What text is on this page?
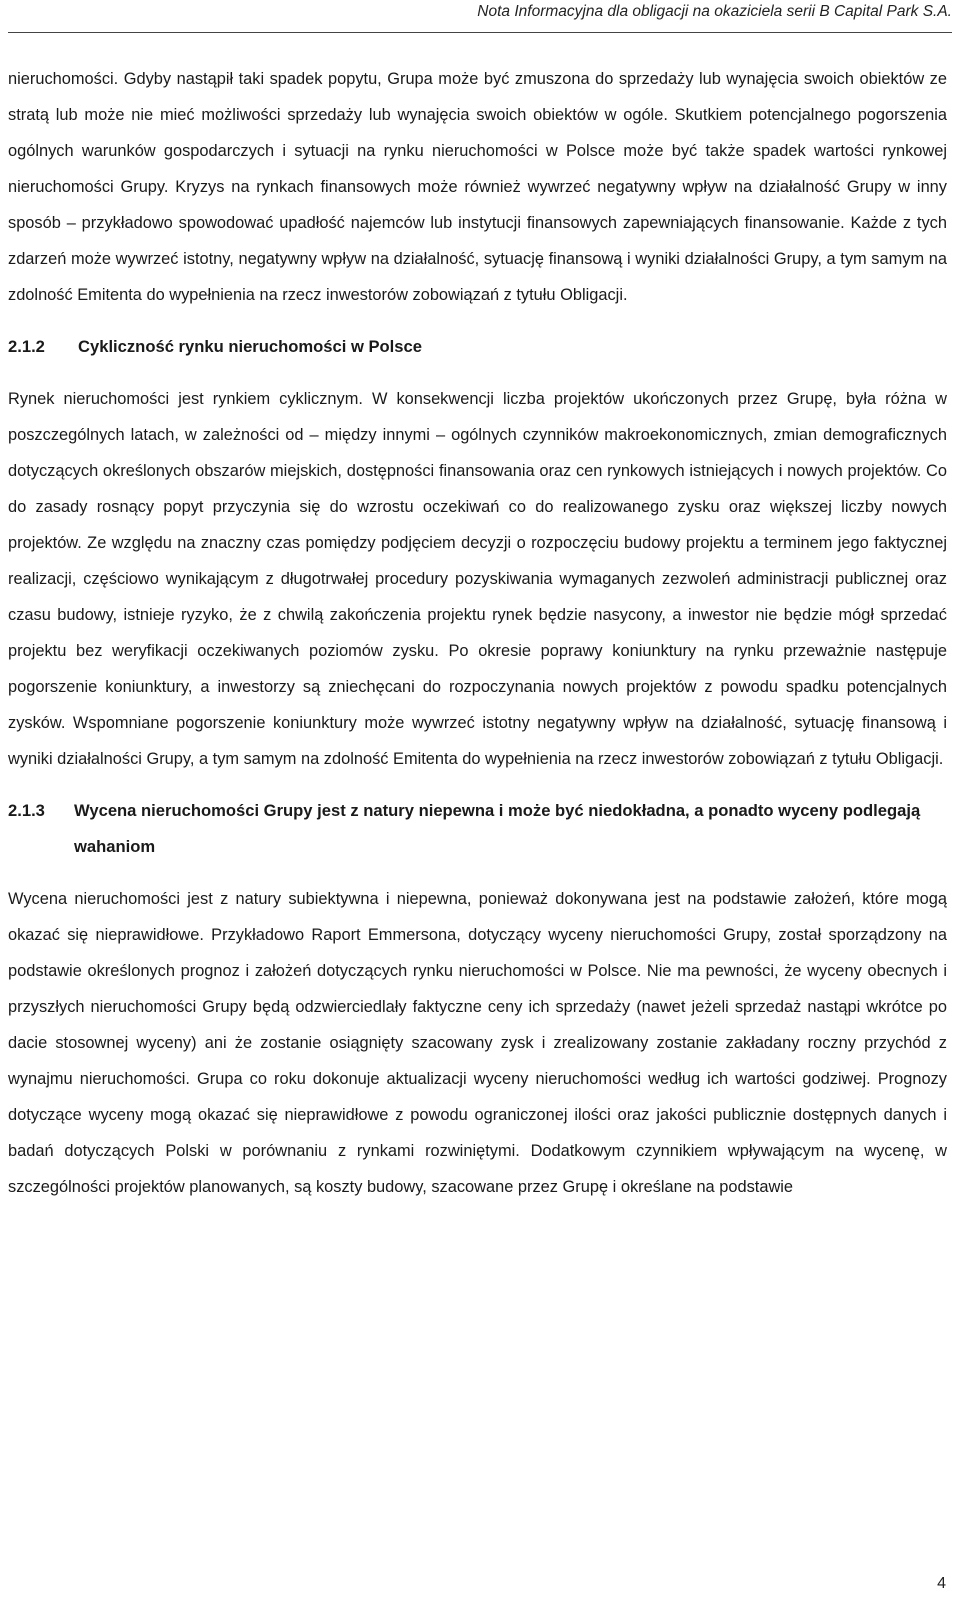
Nota Informacyjna dla obligacji na okaziciela serii B Capital Park S.A.

nieruchomości. Gdyby nastąpił taki spadek popytu, Grupa może być zmuszona do sprzedaży lub wynajęcia swoich obiektów ze stratą lub może nie mieć możliwości sprzedaży lub wynajęcia swoich obiektów w ogóle. Skutkiem potencjalnego pogorszenia ogólnych warunków gospodarczych i sytuacji na rynku nieruchomości w Polsce może być także spadek wartości rynkowej nieruchomości Grupy. Kryzys na rynkach finansowych może również wywrzeć negatywny wpływ na działalność Grupy w inny sposób – przykładowo spowodować upadłość najemców lub instytucji finansowych zapewniających finansowanie. Każde z tych zdarzeń może wywrzeć istotny, negatywny wpływ na działalność, sytuację finansową i wyniki działalności Grupy, a tym samym na zdolność Emitenta do wypełnienia na rzecz inwestorów zobowiązań z tytułu Obligacji.

2.1.2	Cykliczność rynku nieruchomości w Polsce

Rynek nieruchomości jest rynkiem cyklicznym. W konsekwencji liczba projektów ukończonych przez Grupę, była różna w poszczególnych latach, w zależności od – między innymi – ogólnych czynników makroekonomicznych, zmian demograficznych dotyczących określonych obszarów miejskich, dostępności finansowania oraz cen rynkowych istniejących i nowych projektów. Co do zasady rosnący popyt przyczynia się do wzrostu oczekiwań co do realizowanego zysku oraz większej liczby nowych projektów. Ze względu na znaczny czas pomiędzy podjęciem decyzji o rozpoczęciu budowy projektu a terminem jego faktycznej realizacji, częściowo wynikającym z długotrwałej procedury pozyskiwania wymaganych zezwoleń administracji publicznej oraz czasu budowy, istnieje ryzyko, że z chwilą zakończenia projektu rynek będzie nasycony, a inwestor nie będzie mógł sprzedać projektu bez weryfikacji oczekiwanych poziomów zysku. Po okresie poprawy koniunktury na rynku przeważnie następuje pogorszenie koniunktury, a inwestorzy są zniechęcani do rozpoczynania nowych projektów z powodu spadku potencjalnych zysków. Wspomniane pogorszenie koniunktury może wywrzeć istotny negatywny wpływ na działalność, sytuację finansową i wyniki działalności Grupy, a tym samym na zdolność Emitenta do wypełnienia na rzecz inwestorów zobowiązań z tytułu Obligacji.

2.1.3	Wycena nieruchomości Grupy jest z natury niepewna i może być niedokładna, a ponadto wyceny podlegają wahaniom

Wycena nieruchomości jest z natury subiektywna i niepewna, ponieważ dokonywana jest na podstawie założeń, które mogą okazać się nieprawidłowe. Przykładowo Raport Emmersona, dotyczący wyceny nieruchomości Grupy, został sporządzony na podstawie określonych prognoz i założeń dotyczących rynku nieruchomości w Polsce. Nie ma pewności, że wyceny obecnych i przyszłych nieruchomości Grupy będą odzwierciedlały faktyczne ceny ich sprzedaży (nawet jeżeli sprzedaż nastąpi wkrótce po dacie stosownej wyceny) ani że zostanie osiągnięty szacowany zysk i zrealizowany zostanie zakładany roczny przychód z wynajmu nieruchomości. Grupa co roku dokonuje aktualizacji wyceny nieruchomości według ich wartości godziwej. Prognozy dotyczące wyceny mogą okazać się nieprawidłowe z powodu ograniczonej ilości oraz jakości publicznie dostępnych danych i badań dotyczących Polski w porównaniu z rynkami rozwiniętymi. Dodatkowym czynnikiem wpływającym na wycenę, w szczególności projektów planowanych, są koszty budowy, szacowane przez Grupę i określane na podstawie

4
